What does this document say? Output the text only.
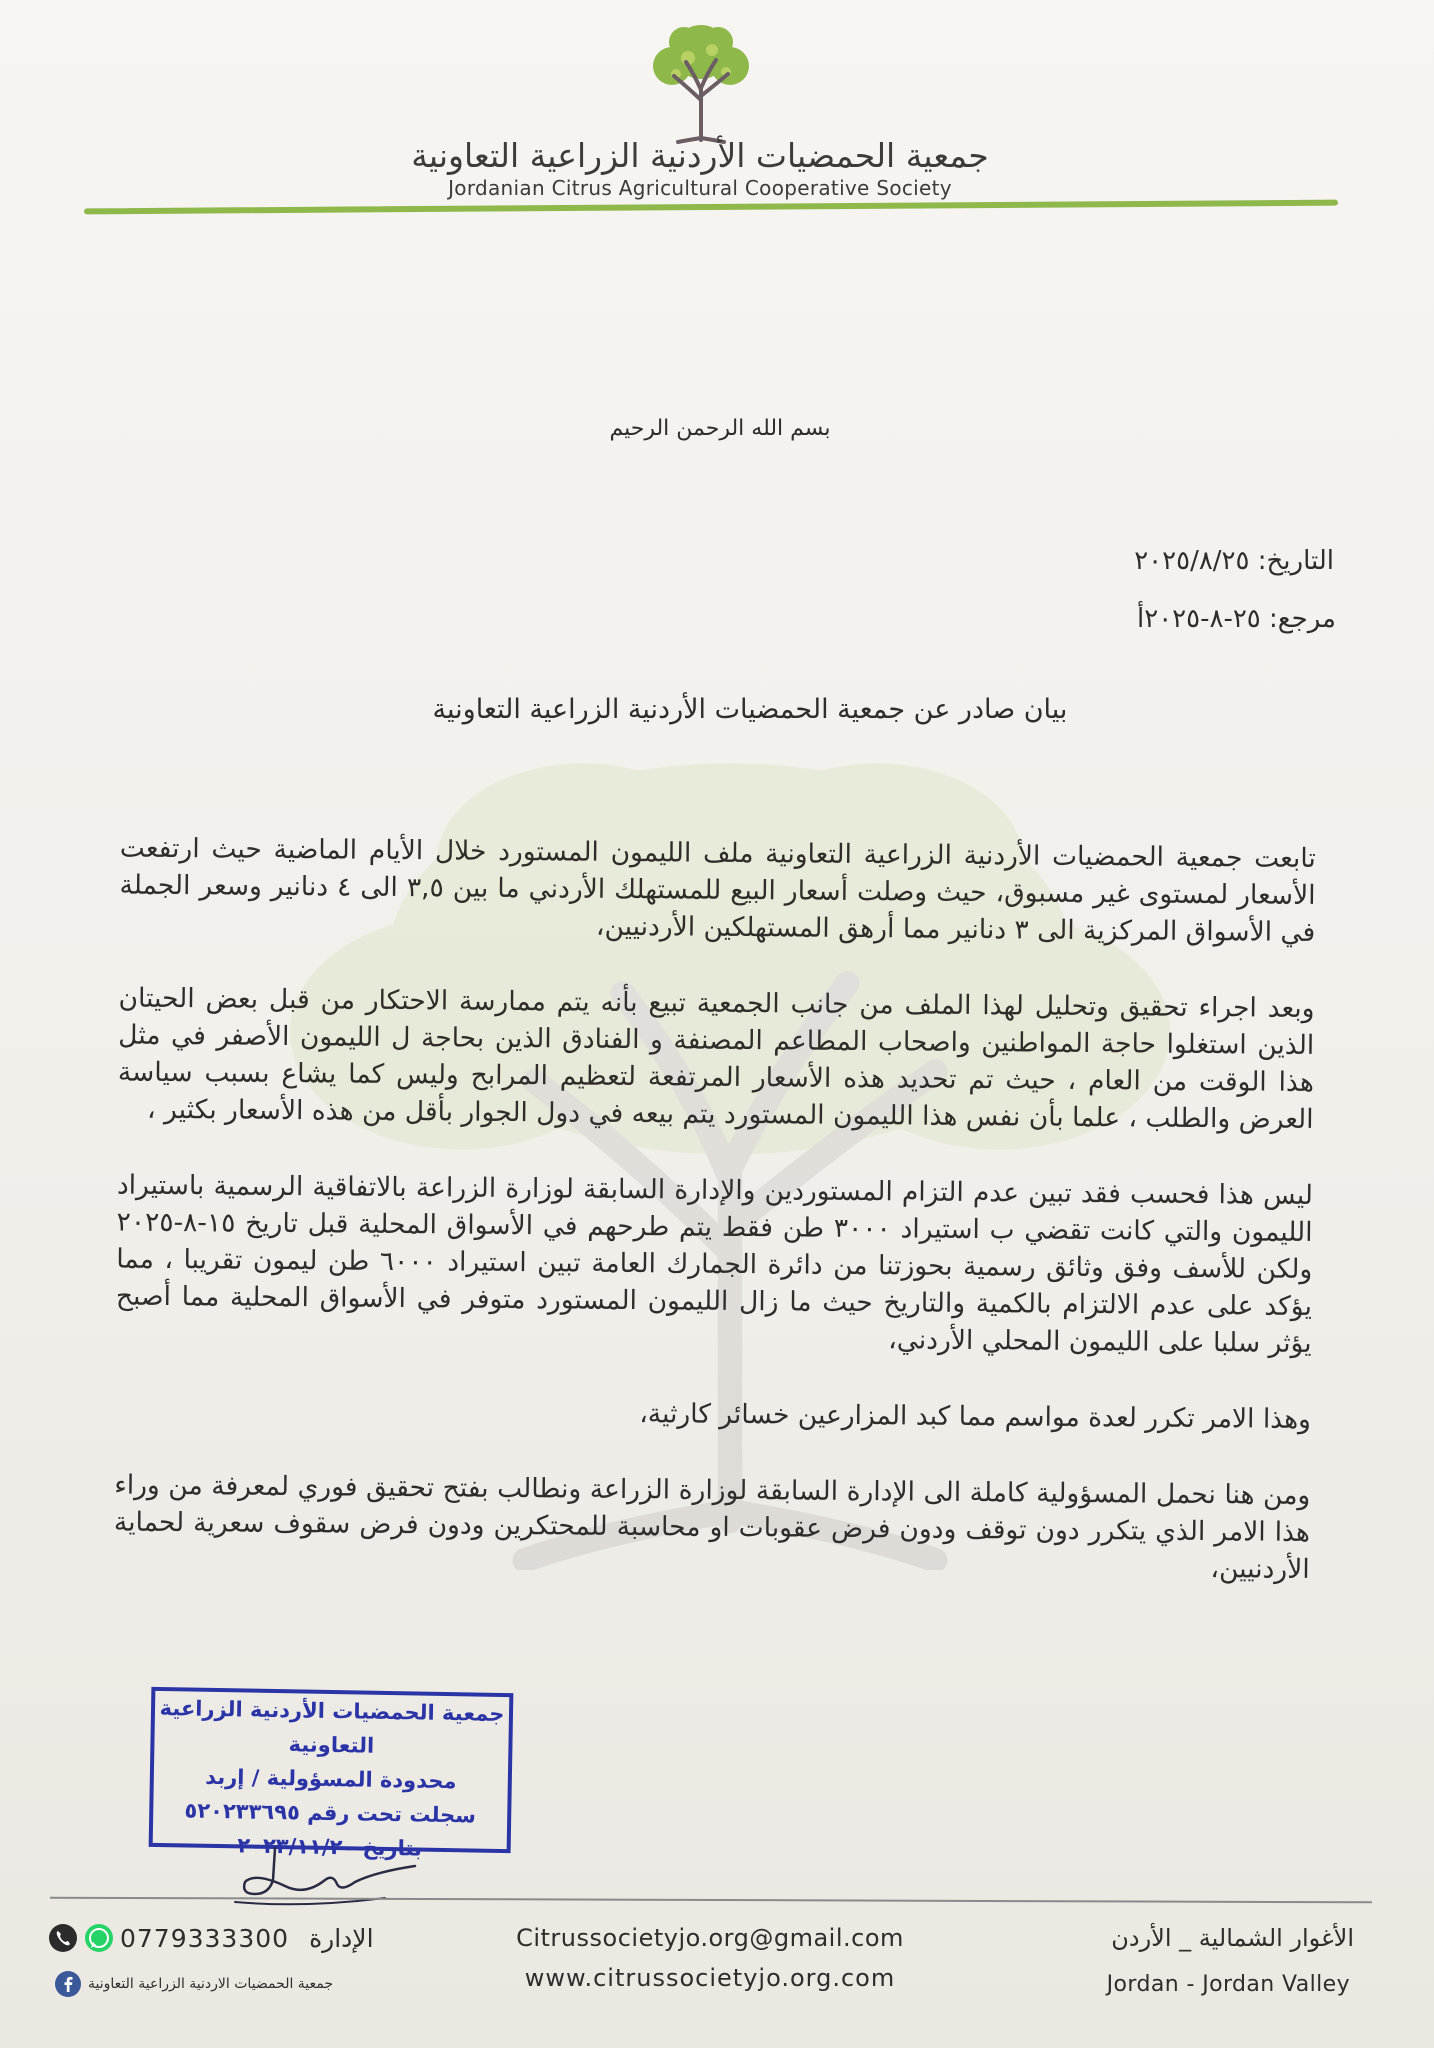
جمعية الحمضيات الأردنية الزراعية التعاونية
Jordanian Citrus Agricultural Cooperative Society
بسم الله الرحمن الرحيم
التاريخ: ٢٠٢٥/٨/٢٥
مرجع: ٢٥-٨-٢٠٢٥أ
بيان صادر عن جمعية الحمضيات الأردنية الزراعية التعاونية

تابعت جمعية الحمضيات الأردنية الزراعية التعاونية ملف الليمون المستورد خلال الأيام الماضية حيث ارتفعت الأسعار لمستوى غير مسبوق، حيث وصلت أسعار البيع للمستهلك الأردني ما بين ٣,٥ الى ٤ دنانير وسعر الجملة في الأسواق المركزية الى ٣ دنانير مما أرهق المستهلكين الأردنيين،

وبعد اجراء تحقيق وتحليل لهذا الملف من جانب الجمعية تبيع بأنه يتم ممارسة الاحتكار من قبل بعض الحيتان الذين استغلوا حاجة المواطنين واصحاب المطاعم المصنفة و الفنادق الذين بحاجة ل الليمون الأصفر في مثل هذا الوقت من العام ، حيث تم تحديد هذه الأسعار المرتفعة لتعظيم المرابح وليس كما يشاع بسبب سياسة العرض والطلب ، علما بأن نفس هذا الليمون المستورد يتم بيعه في دول الجوار بأقل من هذه الأسعار بكثير ،

ليس هذا فحسب فقد تبين عدم التزام المستوردين والإدارة السابقة لوزارة الزراعة بالاتفاقية الرسمية باستيراد الليمون والتي كانت تقضي ب استيراد ٣٠٠٠ طن فقط يتم طرحهم في الأسواق المحلية قبل تاريخ ١٥-٨-٢٠٢٥ ولكن للأسف وفق وثائق رسمية بحوزتنا من دائرة الجمارك العامة تبين استيراد ٦٠٠٠ طن ليمون تقريبا ، مما يؤكد على عدم الالتزام بالكمية والتاريخ حيث ما زال الليمون المستورد متوفر في الأسواق المحلية مما أصبح يؤثر سلبا على الليمون المحلي الأردني،

وهذا الامر تكرر لعدة مواسم مما كبد المزارعين خسائر كارثية،

ومن هنا نحمل المسؤولية كاملة الى الإدارة السابقة لوزارة الزراعة ونطالب بفتح تحقيق فوري لمعرفة من وراء هذا الامر الذي يتكرر دون توقف ودون فرض عقوبات او محاسبة للمحتكرين ودون فرض سقوف سعرية لحماية الأردنيين،

جمعية الحمضيات الأردنية الزراعية التعاونية
محدودة المسؤولية / إربد
سجلت تحت رقم ٥٢٠٢٣٣٦٩٥
بتاريخ ٢٠٢٣/١١/٢٠
0779333300 الإدارة
جمعية الحمضيات الاردنية الزراعية التعاونية
Citrussocietyjo.org@gmail.com
www.citrussocietyjo.org.com
الأغوار الشمالية _ الأردن
Jordan - Jordan Valley
